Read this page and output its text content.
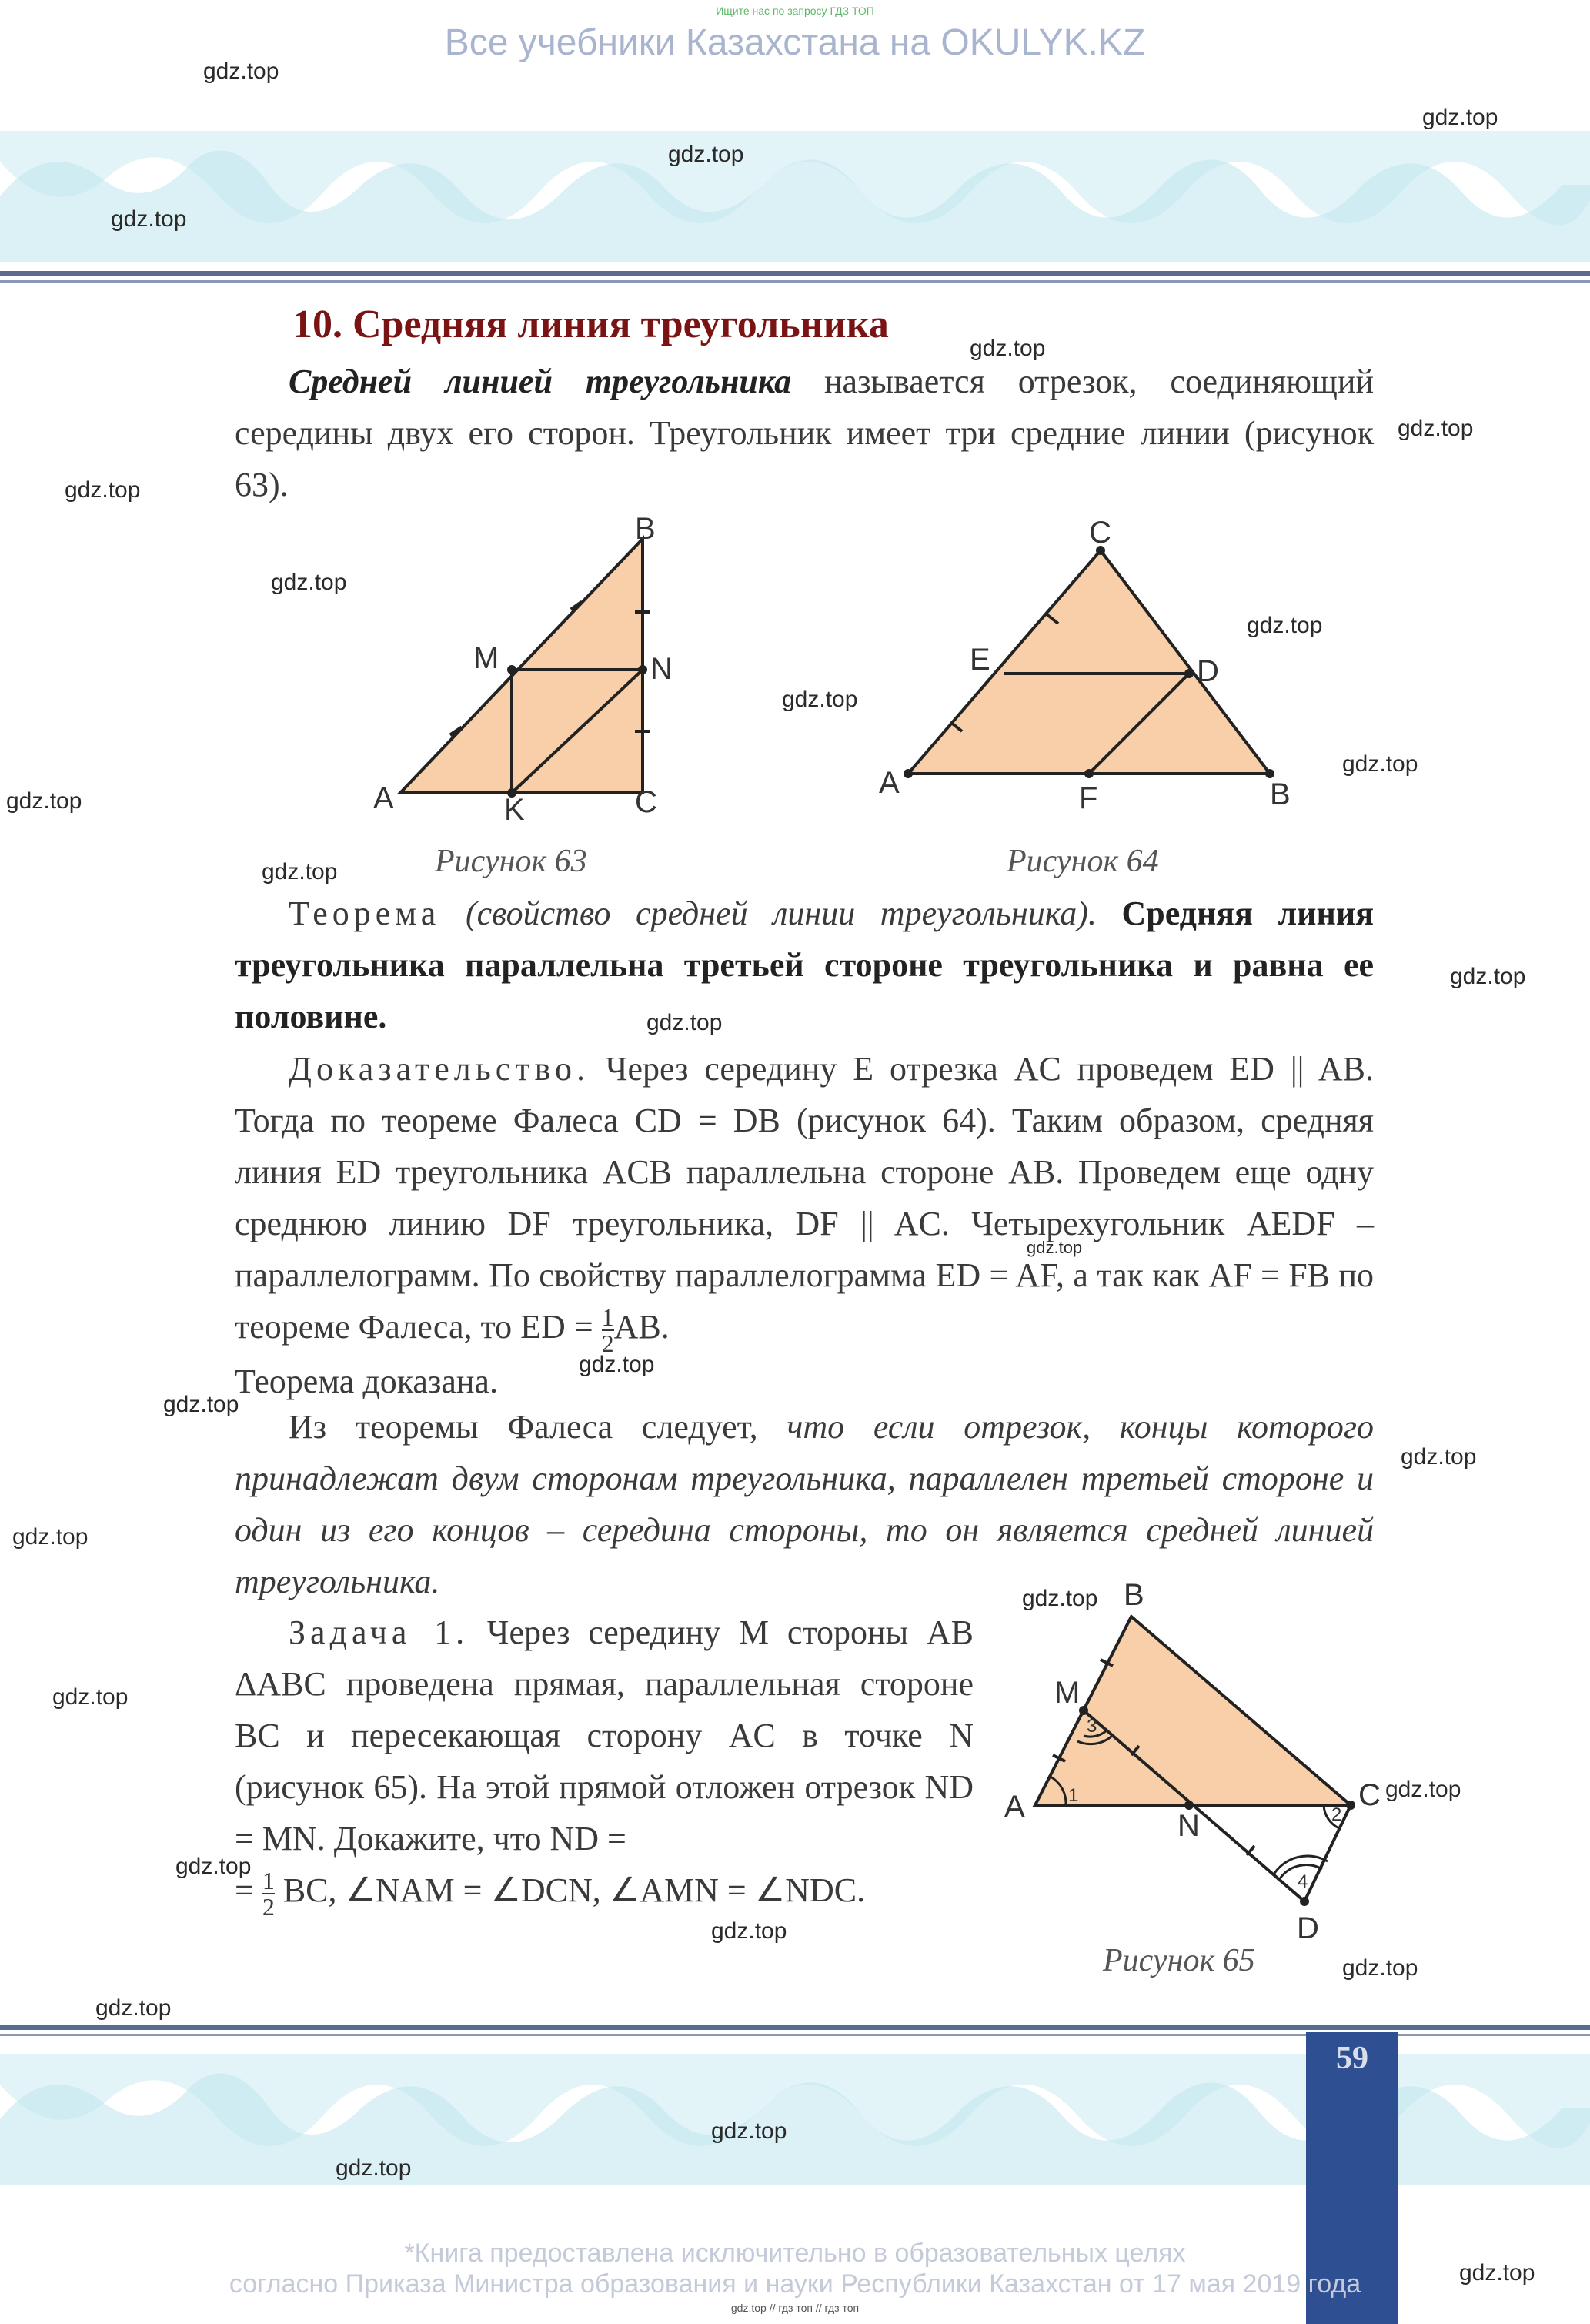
Ищите нас по запросу ГДЗ ТОП
Все учебники Казахстана на OKULYK.KZ
10. Средняя линия треугольника
Средней линией треугольника называется отрезок, соединяющий середины двух его сторон. Треугольник имеет три средние линии (рисунок 63).
B
M	N
A	K	C
Рисунок 63
C
E	D
A	F	B
Рисунок 64
Теорема (свойство средней линии треугольника). Средняя линия треугольника параллельна третьей стороне треугольника и равна ее половине.
Доказательство. Через середину E отрезка AC проведем ED || AB. Тогда по теореме Фалеса CD = DB (рисунок 64). Таким образом, средняя линия ED треугольника ACB параллельна стороне AB. Проведем еще одну среднюю линию DF треугольника, DF || AC. Четырехугольник AEDF – параллелограмм. По свойству параллелограмма ED = AF, а так как AF = FB по теореме Фалеса, то ED = $\frac{1}{2}$ AB.
Теорема доказана.
Из теоремы Фалеса следует, что если отрезок, концы которого принадлежат двум сторонам треугольника, параллелен третьей стороне и один из его концов – середина стороны, то он является средней линией треугольника.
Задача 1. Через середину M стороны AB ΔABC проведена прямая, параллельная стороне BC и пересекающая сторону AC в точке N (рисунок 65). На этой прямой отложен отрезок ND = MN. Докажите, что ND =
= $\frac{1}{2}$ BC, ∠NAM = ∠DCN, ∠AMN = ∠NDC.
B
M
A
N
C
D
1
2
3
4
Рисунок 65
59
*Книга предоставлена исключительно в образовательных целях
согласно Приказа Министра образования и науки Республики Казахстан от 17 мая 2019 года
gdz.top // гдз топ // гдз топ
gdz.top
gdz.top
gdz.top
gdz.top
gdz.top
gdz.top
gdz.top
gdz.top
gdz.top
gdz.top
gdz.top
gdz.top
gdz.top
gdz.top
gdz.top
gdz.top
gdz.top
gdz.top
gdz.top
gdz.top
gdz.top
gdz.top
gdz.top
gdz.top
gdz.top
gdz.top
gdz.top
gdz.top
gdz.top
gdz.top
